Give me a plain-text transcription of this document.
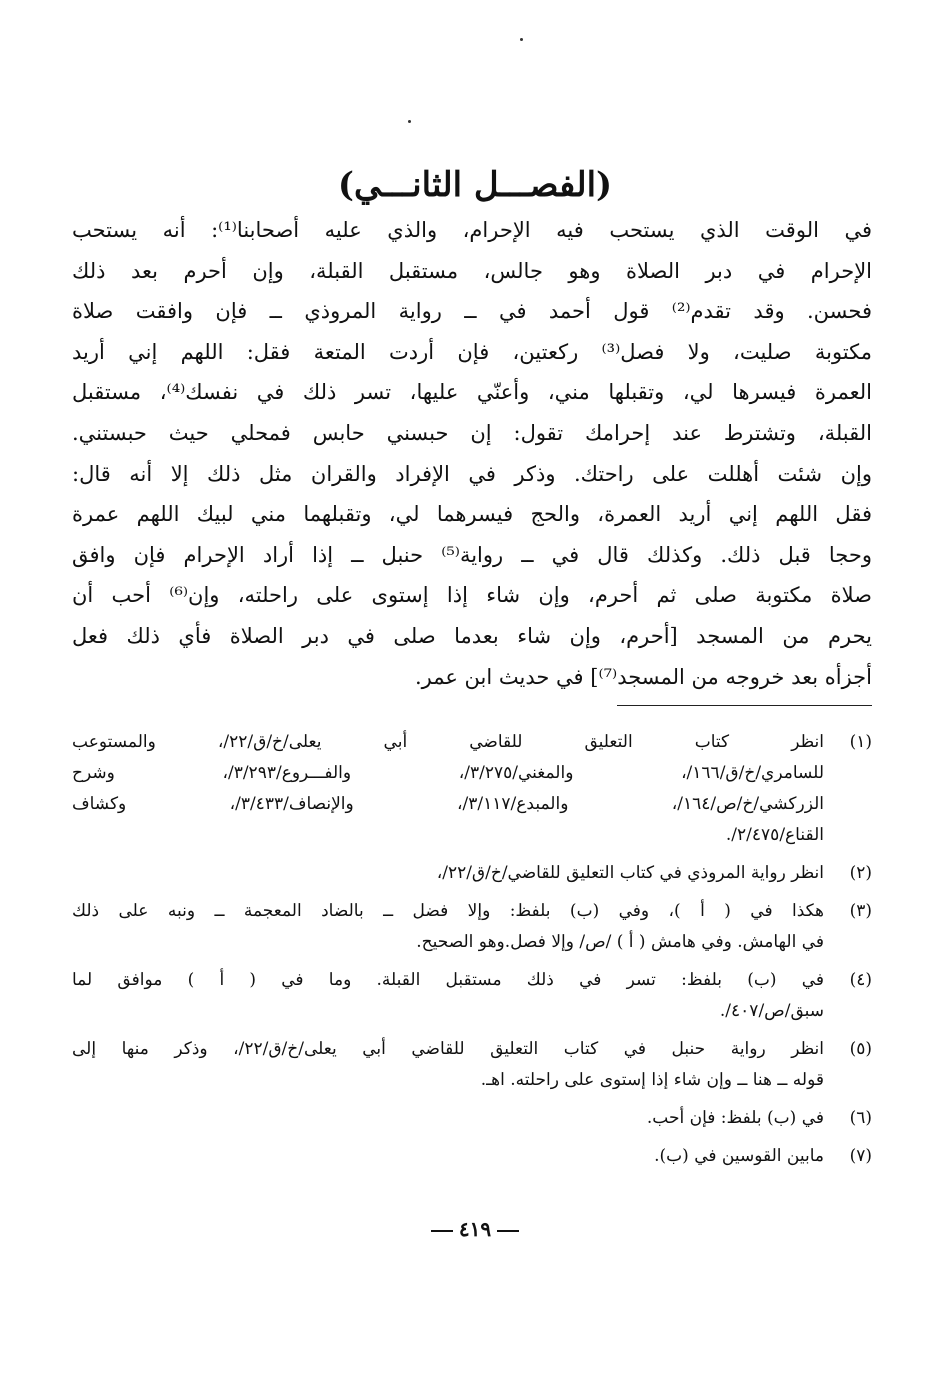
(الفصـــل الثانـــي)
في الوقت الذي يستحب فيه الإحرام، والذي عليه أصحابنا⁽¹⁾: أنه يستحب
الإحرام في دبر الصلاة وهو جالس، مستقبل القبلة، وإن أحرم بعد ذلك
فحسن. وقد تقدم⁽²⁾ قول أحمد في ــ رواية المروذي ــ فإن وافقت صلاة
مكتوبة صليت، ولا فصل⁽³⁾ ركعتين، فإن أردت المتعة فقل: اللهم إني أريد
العمرة فيسرها لي، وتقبلها مني، وأعنّي عليها، تسر ذلك في نفسك⁽⁴⁾، مستقبل
القبلة، وتشترط عند إحرامك تقول: إن حبسني حابس فمحلي حيث حبستني.
وإن شئت أهللت على راحتك. وذكر في الإفراد والقران مثل ذلك إلا أنه قال:
فقل اللهم إني أريد العمرة، والحج فيسرهما لي، وتقبلهما مني لبيك اللهم عمرة
وحجا قبل ذلك. وكذلك قال في ــ رواية⁽⁵⁾ حنبل ــ إذا أراد الإحرام فإن وافق
صلاة مكتوبة صلى ثم أحرم، وإن شاء إذا إستوى على راحلته، وإن⁽⁶⁾ أحب أن
يحرم من المسجد [أحرم، وإن شاء بعدما صلى في دبر الصلاة فأي ذلك فعل
أجزأه بعد خروجه من المسجد⁽⁷⁾] في حديث ابن عمر.
(١)
انظر كتاب التعليق للقاضي أبي يعلى/خ/ق/٢٢/، والمستوعب
للسامري/خ/ق/١٦٦/، والمغني/٣/٢٧٥/، والفـــروع/٣/٢٩٣/، وشرح
الزركشي/خ/ص/١٦٤/، والمبدع/٣/١١٧/، والإنصاف/٣/٤٣٣/، وكشاف
القناع/٢/٤٧٥/.
(٢)
انظر رواية المروذي في كتاب التعليق للقاضي/خ/ق/٢٢/،
(٣)
هكذا في ( أ )، وفي (ب) بلفظ: وإلا فضل ــ بالضاد المعجمة ــ ونبه على ذلك
في الهامش. وفي هامش ( أ ) /ص/ وإلا فصل.وهو الصحيح.
(٤)
في (ب) بلفظ: تسر في ذلك مستقبل القبلة. وما في ( أ ) موافق لما
سبق/ص/٤٠٧/.
(٥)
انظر رواية حنبل في كتاب التعليق للقاضي أبي يعلى/خ/ق/٢٢/، وذكر منها إلى
قوله ــ هنا ــ وإن شاء إذا إستوى على راحلته. اهـ.
(٦)
في (ب) بلفظ: فإن أحب.
(٧)
مابين القوسين في (ب).
٤١٩
